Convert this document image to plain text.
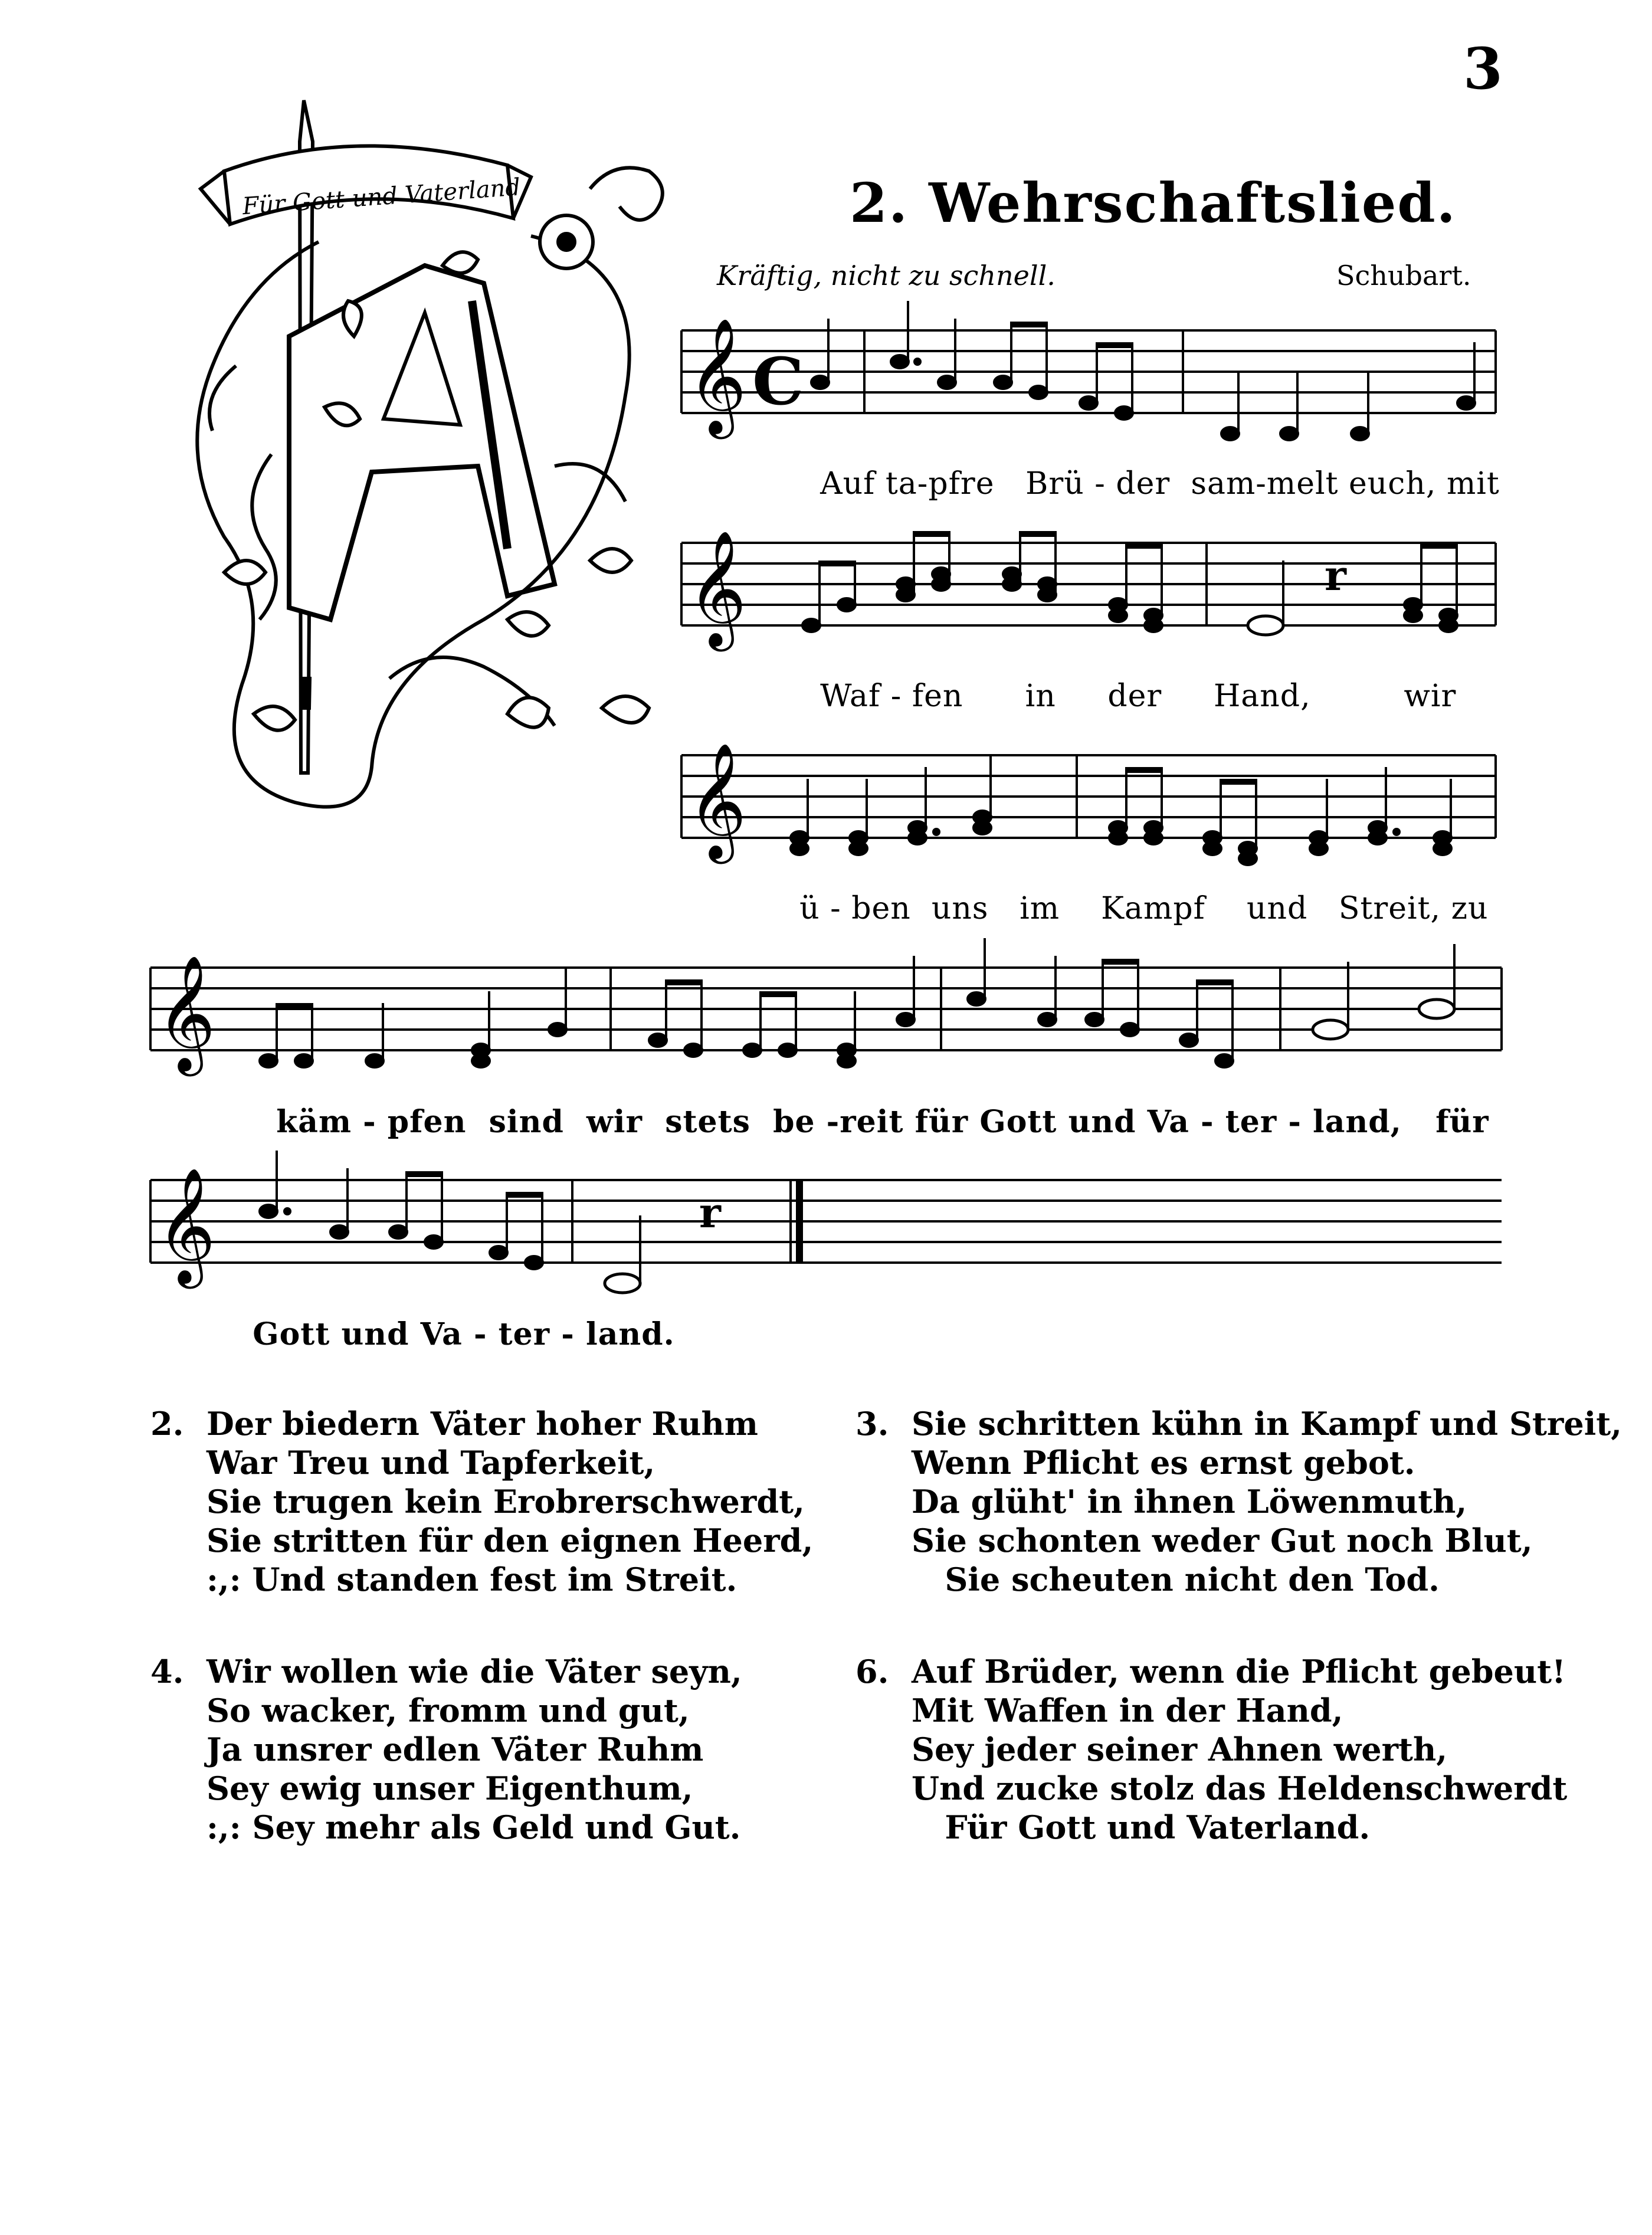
3
Für Gott und Vaterland	2. Wehrschaftslied.
Kräftig, nicht zu schnell.	Schubart.
𝄞 C

Auf ta-pfre Brü - der sam-melt euch, mit

𝄞	r

Waf - fen in der Hand,	wir

𝄞

ü - ben uns im Kampf und Streit, zu

𝄞

käm - pfen sind wir stets be -reit für Gott und Va - ter - land, für

𝄞	r

Gott und Va - ter - land.

2. Der biedern Väter hoher Ruhm
War Treu und Tapferkeit,
Sie trugen kein Erobrerschwerdt,
Sie stritten für den eignen Heerd,
:,: Und standen fest im Streit.
3. Sie schritten kühn in Kampf und Streit,
Wenn Pflicht es ernst gebot.
Da glüht' in ihnen Löwenmuth,
Sie schonten weder Gut noch Blut,
Sie scheuten nicht den Tod.
4. Wir wollen wie die Väter seyn,
So wacker, fromm und gut,
Ja unsrer edlen Väter Ruhm
Sey ewig unser Eigenthum,
:,: Sey mehr als Geld und Gut.
6. Auf Brüder, wenn die Pflicht gebeut!
Mit Waffen in der Hand,
Sey jeder seiner Ahnen werth,
Und zucke stolz das Heldenschwerdt
Für Gott und Vaterland.
